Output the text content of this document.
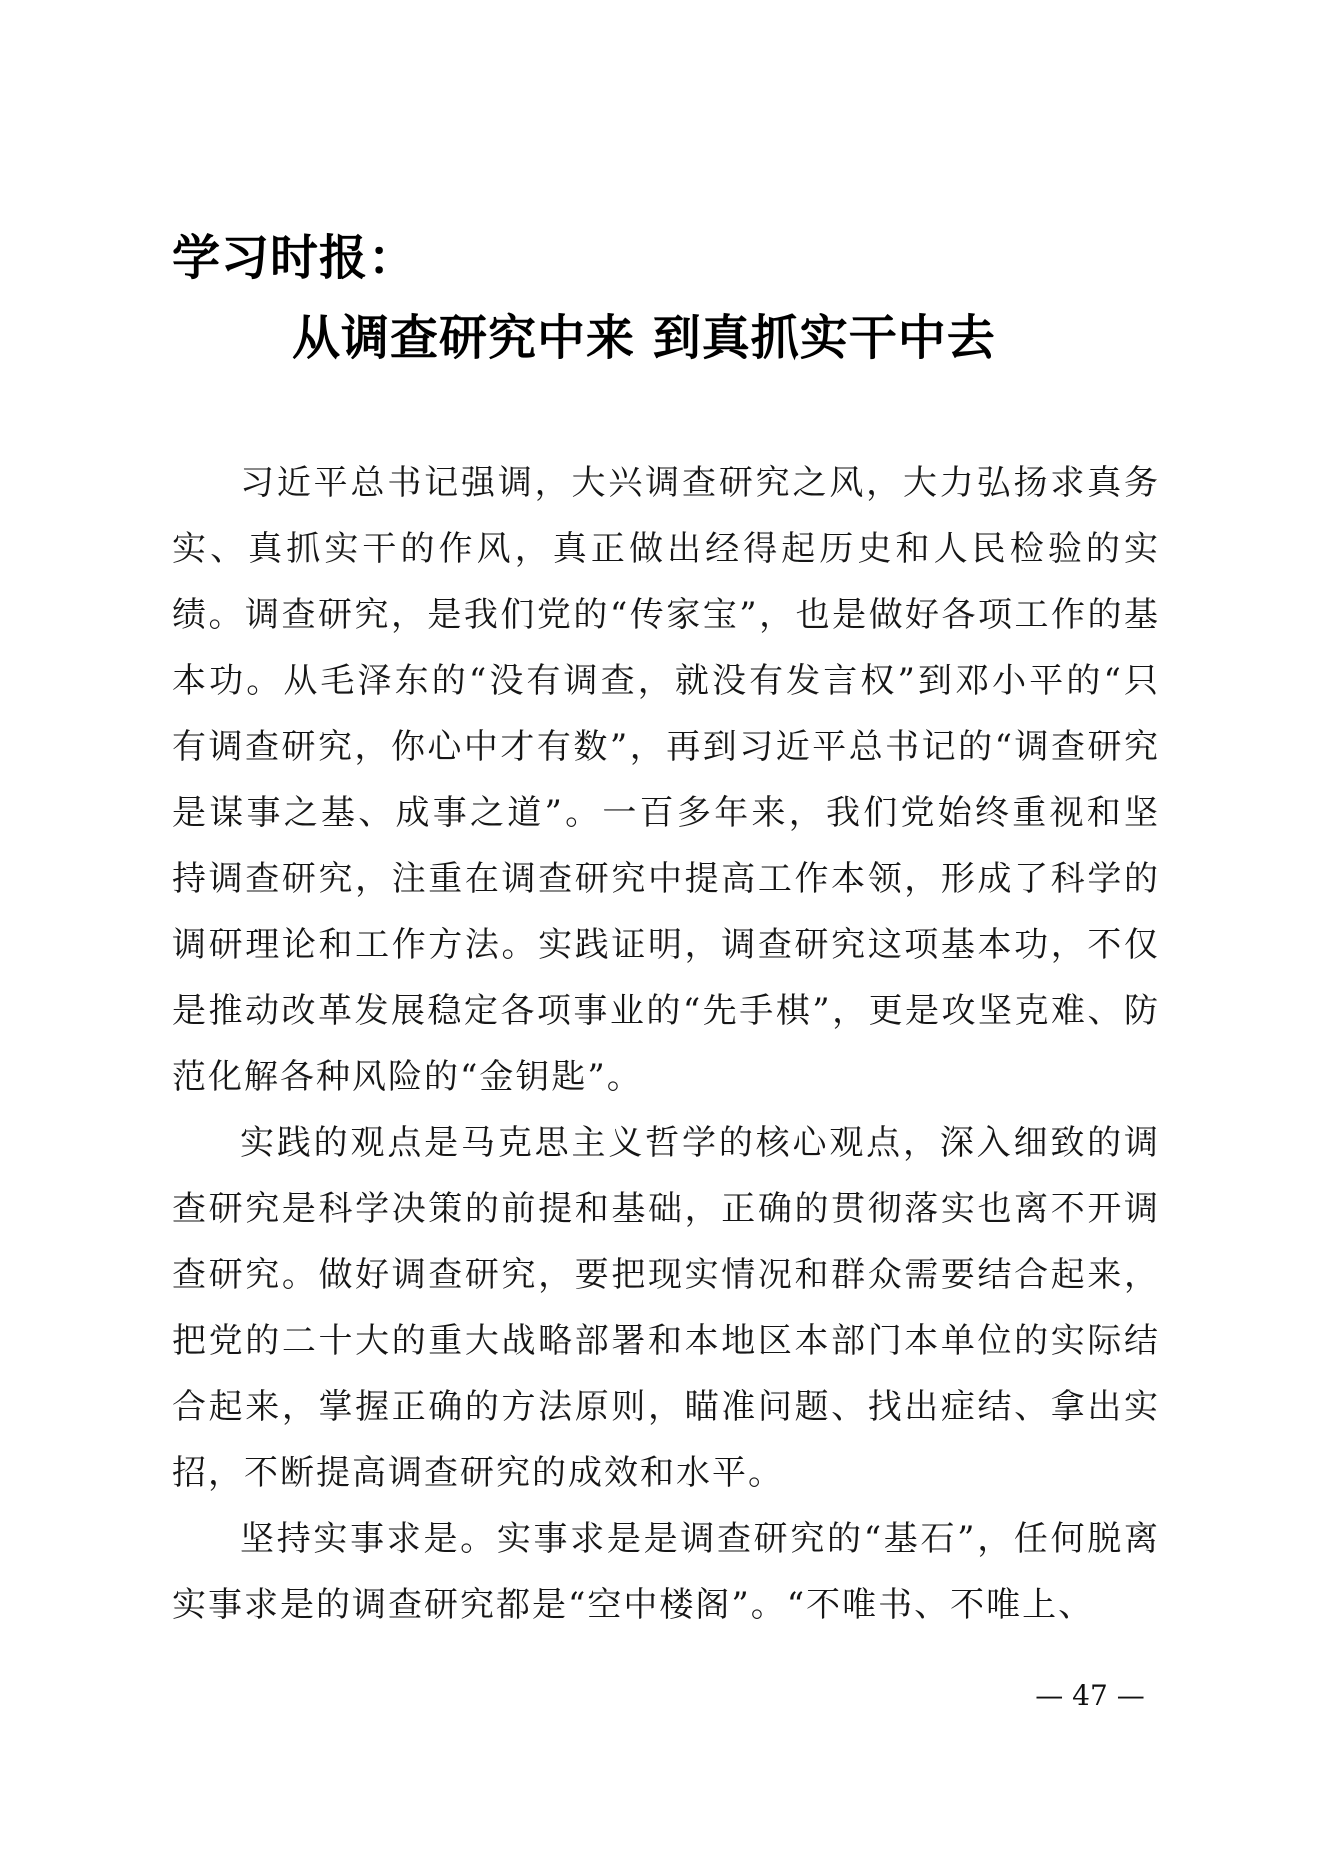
学习时报：
从调查研究中来 到真抓实干中去

习近平总书记强调，大兴调查研究之风，大力弘扬求真务实、真抓实干的作风，真正做出经得起历史和人民检验的实绩。调查研究，是我们党的“传家宝”，也是做好各项工作的基本功。从毛泽东的“没有调查，就没有发言权”到邓小平的“只有调查研究，你心中才有数”，再到习近平总书记的“调查研究是谋事之基、成事之道”。一百多年来，我们党始终重视和坚持调查研究，注重在调查研究中提高工作本领，形成了科学的调研理论和工作方法。实践证明，调查研究这项基本功，不仅是推动改革发展稳定各项事业的“先手棋”，更是攻坚克难、防范化解各种风险的“金钥匙”。

实践的观点是马克思主义哲学的核心观点，深入细致的调查研究是科学决策的前提和基础，正确的贯彻落实也离不开调查研究。做好调查研究，要把现实情况和群众需要结合起来，把党的二十大的重大战略部署和本地区本部门本单位的实际结合起来，掌握正确的方法原则，瞄准问题、找出症结、拿出实招，不断提高调查研究的成效和水平。

坚持实事求是。实事求是是调查研究的“基石”，任何脱离实事求是的调查研究都是“空中楼阁”。“不唯书、不唯上、

— 47 —
